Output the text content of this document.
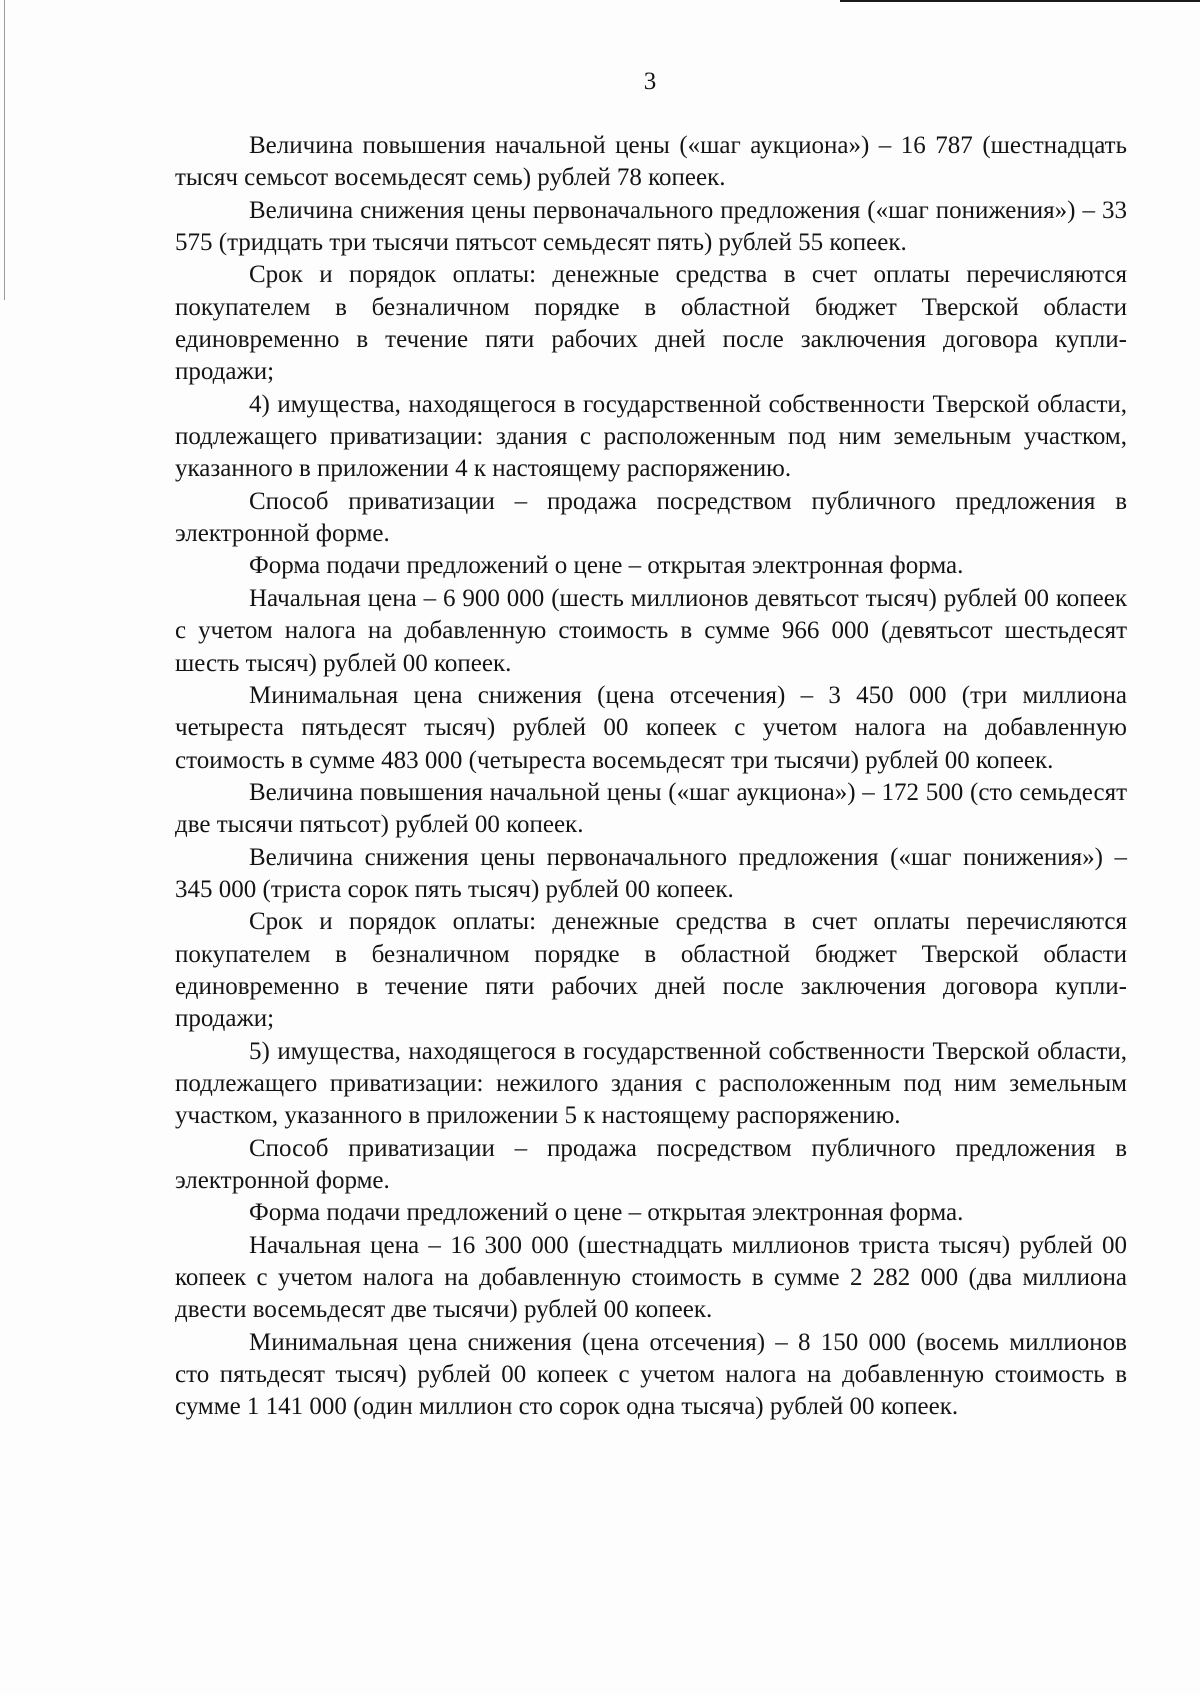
3

Величина повышения начальной цены («шаг аукциона») – 16 787 (шестнадцать тысяч семьсот восемьдесят семь) рублей 78 копеек.

Величина снижения цены первоначального предложения («шаг понижения») – 33 575 (тридцать три тысячи пятьсот семьдесят пять) рублей 55 копеек.

Срок и порядок оплаты: денежные средства в счет оплаты перечисляются покупателем в безналичном порядке в областной бюджет Тверской области единовременно в течение пяти рабочих дней после заключения договора купли-продажи;

4) имущества, находящегося в государственной собственности Тверской области, подлежащего приватизации: здания с расположенным под ним земельным участком, указанного в приложении 4 к настоящему распоряжению.

Способ приватизации – продажа посредством публичного предложения в электронной форме.

Форма подачи предложений о цене – открытая электронная форма.

Начальная цена – 6 900 000 (шесть миллионов девятьсот тысяч) рублей 00 копеек с учетом налога на добавленную стоимость в сумме 966 000 (девятьсот шестьдесят шесть тысяч) рублей 00 копеек.

Минимальная цена снижения (цена отсечения) – 3 450 000 (три миллиона четыреста пятьдесят тысяч) рублей 00 копеек с учетом налога на добавленную стоимость в сумме 483 000 (четыреста восемьдесят три тысячи) рублей 00 копеек.

Величина повышения начальной цены («шаг аукциона») – 172 500 (сто семьдесят две тысячи пятьсот) рублей 00 копеек.

Величина снижения цены первоначального предложения («шаг понижения») – 345 000 (триста сорок пять тысяч) рублей 00 копеек.

Срок и порядок оплаты: денежные средства в счет оплаты перечисляются покупателем в безналичном порядке в областной бюджет Тверской области единовременно в течение пяти рабочих дней после заключения договора купли-продажи;

5) имущества, находящегося в государственной собственности Тверской области, подлежащего приватизации: нежилого здания с расположенным под ним земельным участком, указанного в приложении 5 к настоящему распоряжению.

Способ приватизации – продажа посредством публичного предложения в электронной форме.

Форма подачи предложений о цене – открытая электронная форма.

Начальная цена – 16 300 000 (шестнадцать миллионов триста тысяч) рублей 00 копеек с учетом налога на добавленную стоимость в сумме 2 282 000 (два миллиона двести восемьдесят две тысячи) рублей 00 копеек.

Минимальная цена снижения (цена отсечения) – 8 150 000 (восемь миллионов сто пятьдесят тысяч) рублей 00 копеек с учетом налога на добавленную стоимость в сумме 1 141 000 (один миллион сто сорок одна тысяча) рублей 00 копеек.
